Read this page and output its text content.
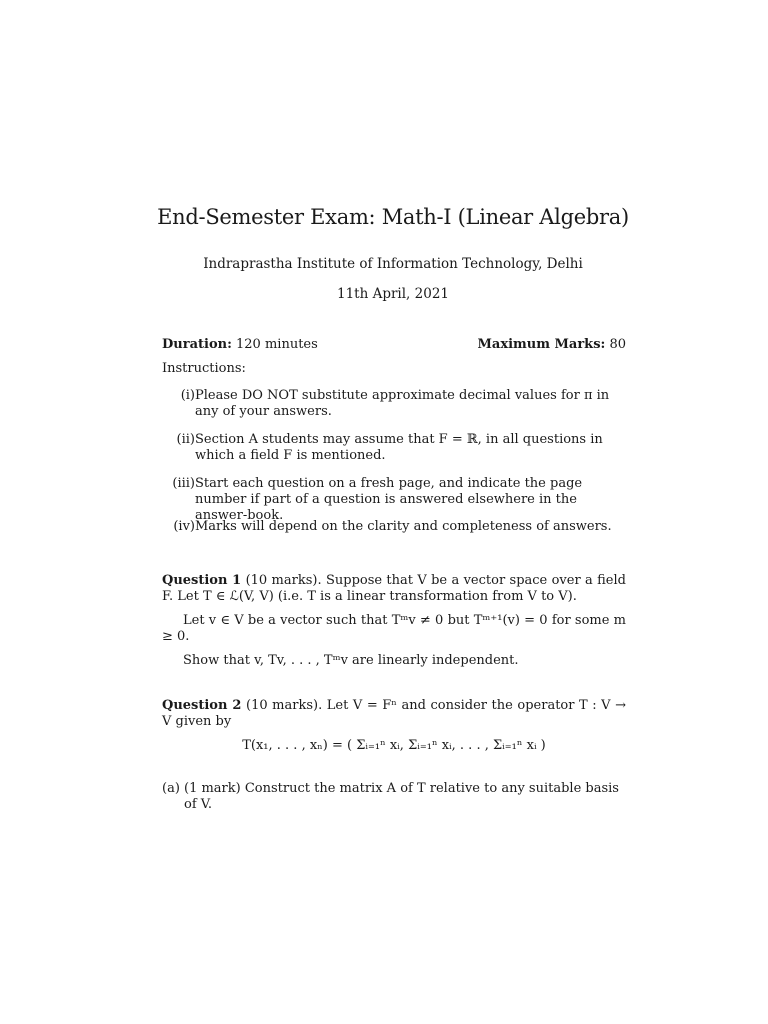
End-Semester Exam: Math-I (Linear Algebra)
Indraprastha Institute of Information Technology, Delhi
11th April, 2021
Duration: 120 minutes	Maximum Marks: 80
Instructions:
(i) Please DO NOT substitute approximate decimal values for π in any of your answers.
(ii) Section A students may assume that F = ℝ, in all questions in which a field F is mentioned.
(iii) Start each question on a fresh page, and indicate the page number if part of a question is answered elsewhere in the answer-book.
(iv) Marks will depend on the clarity and completeness of answers.
Question 1 (10 marks). Suppose that V be a vector space over a field F. Let T ∈ ℒ(V, V) (i.e. T is a linear transformation from V to V).
Let v ∈ V be a vector such that Tᵐv ≠ 0 but Tᵐ⁺¹(v) = 0 for some m ≥ 0.
Show that v, Tv, . . . , Tᵐv are linearly independent.
Question 2 (10 marks). Let V = Fⁿ and consider the operator T : V → V given by
T(x₁, . . . , xₙ) = ( Σᵢ₌₁ⁿ xᵢ, Σᵢ₌₁ⁿ xᵢ, . . . , Σᵢ₌₁ⁿ xᵢ )
(a) (1 mark) Construct the matrix A of T relative to any suitable basis of V.
